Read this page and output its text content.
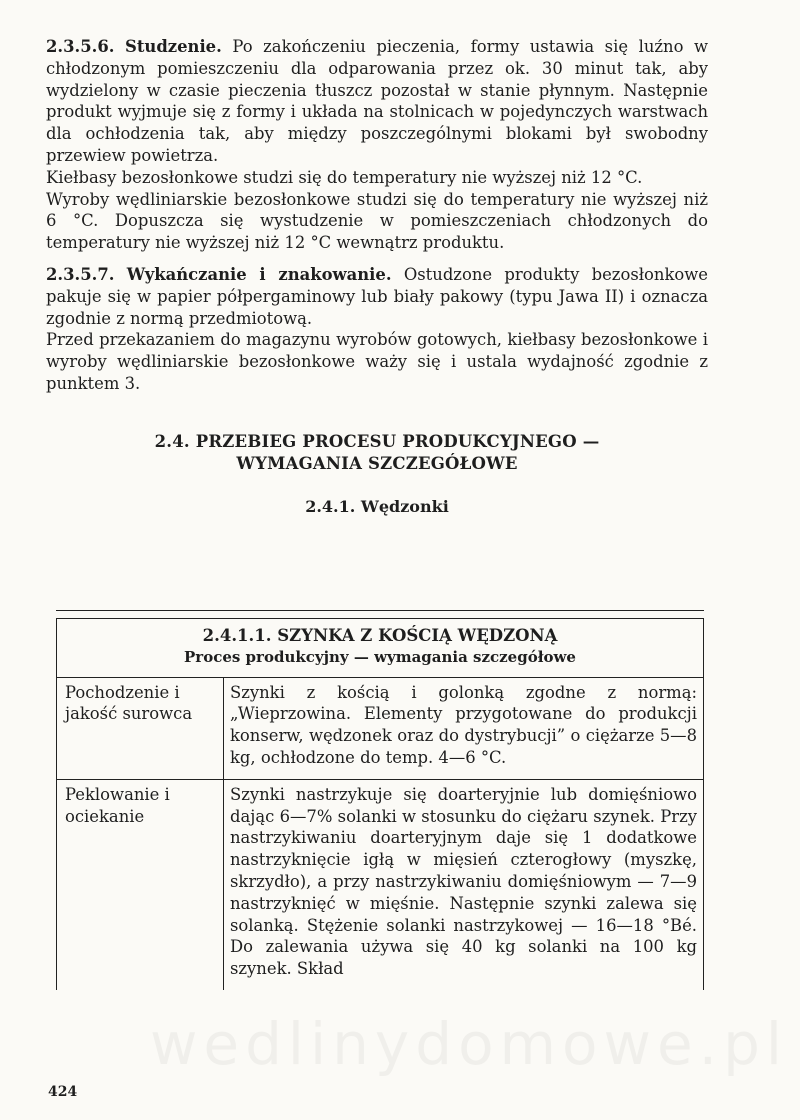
wedlinydomowe.pl

2.3.5.6. Studzenie. Po zakończeniu pieczenia, formy ustawia się luźno w chłodzonym pomieszczeniu dla odparowania przez ok. 30 minut tak, aby wydzielony w czasie pieczenia tłuszcz pozostał w stanie płynnym. Następnie produkt wyjmuje się z formy i układa na stolnicach w pojedynczych warstwach dla ochłodzenia tak, aby między poszczególnymi blokami był swobodny przewiew powietrza.

Kiełbasy bezosłonkowe studzi się do temperatury nie wyższej niż 12 °C.

Wyroby wędliniarskie bezosłonkowe studzi się do temperatury nie wyższej niż 6 °C. Dopuszcza się wystudzenie w pomieszczeniach chłodzonych do temperatury nie wyższej niż 12 °C wewnątrz produktu.

2.3.5.7. Wykańczanie i znakowanie. Ostudzone produkty bezosłonkowe pakuje się w papier półpergaminowy lub biały pakowy (typu Jawa II) i oznacza zgodnie z normą przedmiotową.

Przed przekazaniem do magazynu wyrobów gotowych, kiełbasy bezosłonkowe i wyroby wędliniarskie bezosłonkowe waży się i ustala wydajność zgodnie z punktem 3.

2.4. PRZEBIEG PROCESU PRODUKCYJNEGO —
WYMAGANIA SZCZEGÓŁOWE
2.4.1. Wędzonki
2.4.1.1. SZYNKA Z KOŚCIĄ WĘDZONĄ
Proces produkcyjny — wymagania szczegółowe	

Pochodzenie i jakość surowca	Szynki z kością i golonką zgodne z normą: „Wieprzowina. Elementy przygotowane do produkcji konserw, wędzonek oraz do dystrybucji” o ciężarze 5—8 kg, ochłodzone do temp. 4—6 °C.
Peklowanie i ociekanie	Szynki nastrzykuje się doarteryjnie lub domięśniowo dając 6—7% solanki w stosunku do ciężaru szynek. Przy nastrzykiwaniu doarteryjnym daje się 1 dodatkowe nastrzyknięcie igłą w mięsień czterogłowy (myszkę, skrzydło), a przy nastrzykiwaniu domięśniowym — 7—9 nastrzyknięć w mięśnie. Następnie szynki zalewa się solanką. Stężenie solanki nastrzykowej — 16—18 °Bé. Do zalewania używa się 40 kg solanki na 100 kg szynek. Skład
424
